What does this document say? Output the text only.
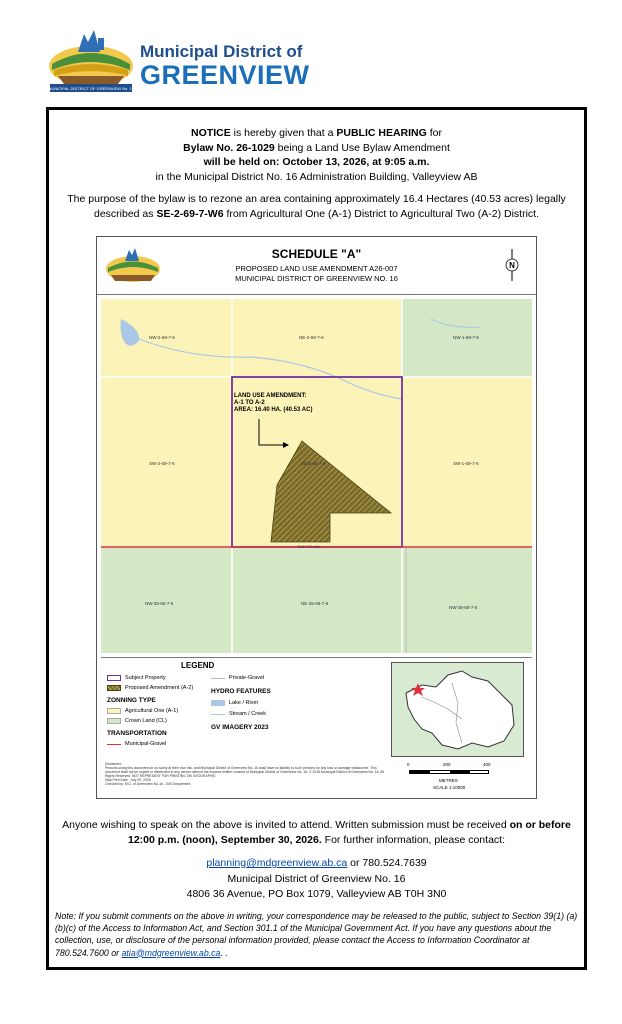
MUNICIPAL DISTRICT OF GREENVIEW No. 16
Municipal District of
GREENVIEW
NOTICE is hereby given that a PUBLIC HEARING for
Bylaw No. 26-1029 being a Land Use Bylaw Amendment
will be held on: October 13, 2026, at 9:05 a.m.
in the Municipal District No. 16 Administration Building, Valleyview AB
The purpose of the bylaw is to rezone an area containing approximately 16.4 Hectares (40.53 acres) legally described as SE-2-69-7-W6 from Agricultural One (A-1) District to Agricultural Two (A-2) District.
SCHEDULE "A"
PROPOSED LAND USE AMENDMENT A26-007
MUNICIPAL DISTRICT OF GREENVIEW NO. 16
N
NW-2-69-7-6	NE-2-69-7-6	NW-1-69-7-6
SW-2-69-7-6	SE-2-69-7-6	SW-1-69-7-6
NW-35-68-7-6	NE-35-68-7-6
NW-36-68-7-6
TWP RD 690
LAND USE AMENDMENT:
A-1 TO A-2
AREA: 16.40 HA. (40.53 AC)
LEGEND
Subject Property
Proposed Amendment (A-2)
ZONNING TYPE
Agricultural One (A-1)
Crown Land (CL)
TRANSPORTATION
Municipal-Gravel
Private-Gravel
HYDRO FEATURES
Lake / River
Stream / Creek
GV IMAGERY 2023
Disclaimer:
Persons using this document do so solely at their own risk, and Municipal District of Greenview No. 16 shall have no liability to such persons for any loss or damage whatsoever. This document shall not be copied or distributed to any person without the express written consent of Municipal District of Greenview No. 16. © 2026 Municipal District of Greenview No. 16. All Rights Reserved. NOT REPRESENT FOR PRINTING ON GEOGRAPHIC
Map Print Date : July 09, 2026
Checked by: M.D. of Greenview No.16 - GIS Department
0	200	400
METRES
SCALE 1:10000
Anyone wishing to speak on the above is invited to attend. Written submission must be received on or before 12:00 p.m. (noon), September 30, 2026. For further information, please contact:
planning@mdgreenview.ab.ca or 780.524.7639
Municipal District of Greenview No. 16
4806 36 Avenue, PO Box 1079, Valleyview AB T0H 3N0
Note: If you submit comments on the above in writing, your correspondence may be released to the public, subject to Section 39(1) (a)(b)(c) of the Access to Information Act, and Section 301.1 of the Municipal Government Act. If you have any questions about the collection, use, or disclosure of the personal information provided, please contact the Access to Information Coordinator at 780.524.7600 or atia@mdgreenview.ab.ca. .
